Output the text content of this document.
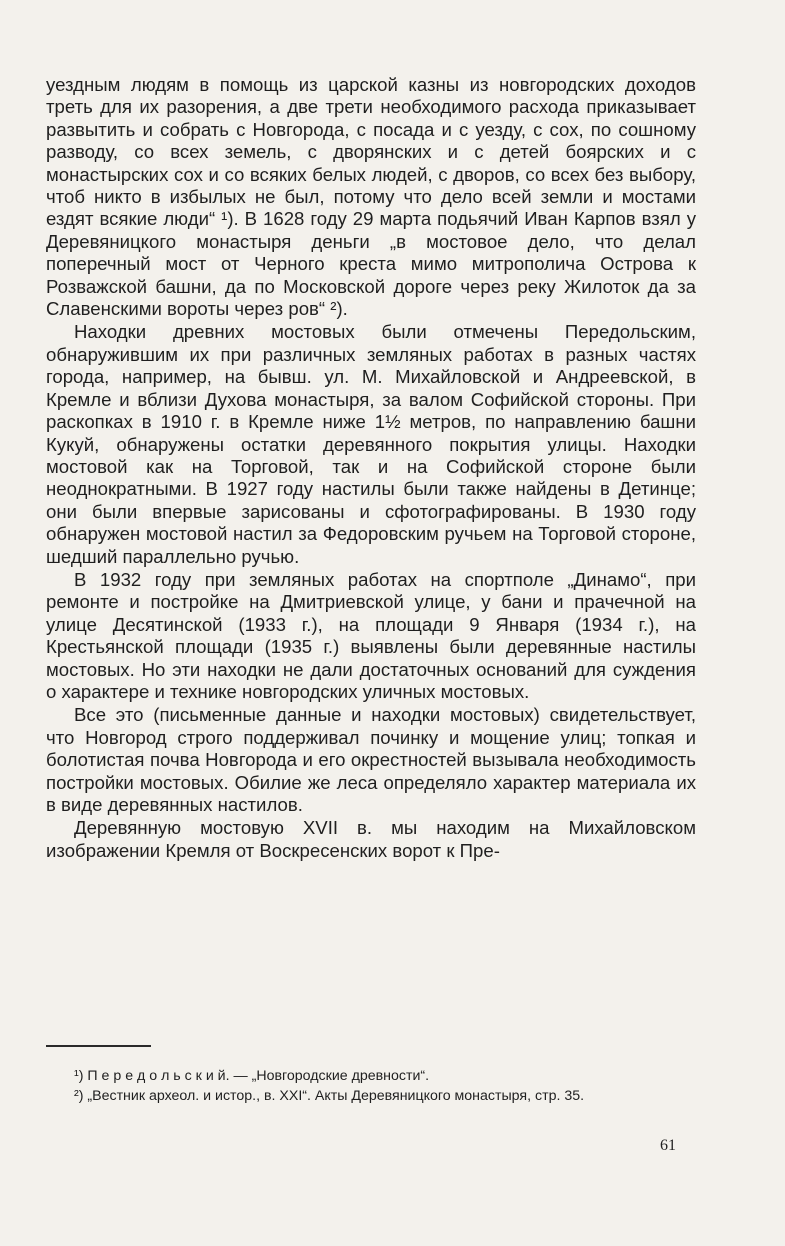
уездным людям в помощь из царской казны из новгородских доходов треть для их разорения, а две трети необходимого расхода приказывает развытить и собрать с Новгорода, с посада и с уезду, с сох, по сошному разводу, со всех земель, с дворянских и с детей боярских и с монастырских сох и со всяких белых людей, с дворов, со всех без выбору, чтоб никто в избылых не был, потому что дело всей земли и мостами ездят всякие люди“ ¹). В 1628 году 29 марта подьячий Иван Карпов взял у Деревяницкого монастыря деньги „в мостовое дело, что делал поперечный мост от Черного креста мимо митрополича Острова к Розважской башни, да по Московской дороге через реку Жилоток да за Славенскими вороты через ров“ ²).

Находки древних мостовых были отмечены Передольским, обнаружившим их при различных земляных работах в разных частях города, например, на бывш. ул. М. Михайловской и Андреевской, в Кремле и вблизи Духова монастыря, за валом Софийской стороны. При раскопках в 1910 г. в Кремле ниже 1½ метров, по направлению башни Кукуй, обнаружены остатки деревянного покрытия улицы. Находки мостовой как на Торговой, так и на Софийской стороне были неоднократными. В 1927 году настилы были также найдены в Детинце; они были впервые зарисованы и сфотографированы. В 1930 году обнаружен мостовой настил за Федоровским ручьем на Торговой стороне, шедший параллельно ручью.

В 1932 году при земляных работах на спортполе „Динамо“, при ремонте и постройке на Дмитриевской улице, у бани и прачечной на улице Десятинской (1933 г.), на площади 9 Января (1934 г.), на Крестьянской площади (1935 г.) выявлены были деревянные настилы мостовых. Но эти находки не дали достаточных оснований для суждения о характере и технике новгородских уличных мостовых.

Все это (письменные данные и находки мостовых) свидетельствует, что Новгород строго поддерживал починку и мощение улиц; топкая и болотистая почва Новгорода и его окрестностей вызывала необходимость постройки мостовых. Обилие же леса определяло характер материала их в виде деревянных настилов.

Деревянную мостовую XVII в. мы находим на Михайловском изображении Кремля от Воскресенских ворот к Пре-

¹) П е р е д о л ь с к и й. — „Новгородские древности“.

²) „Вестник археол. и истор., в. XXI“. Акты Деревяницкого монастыря, стр. 35.

61
